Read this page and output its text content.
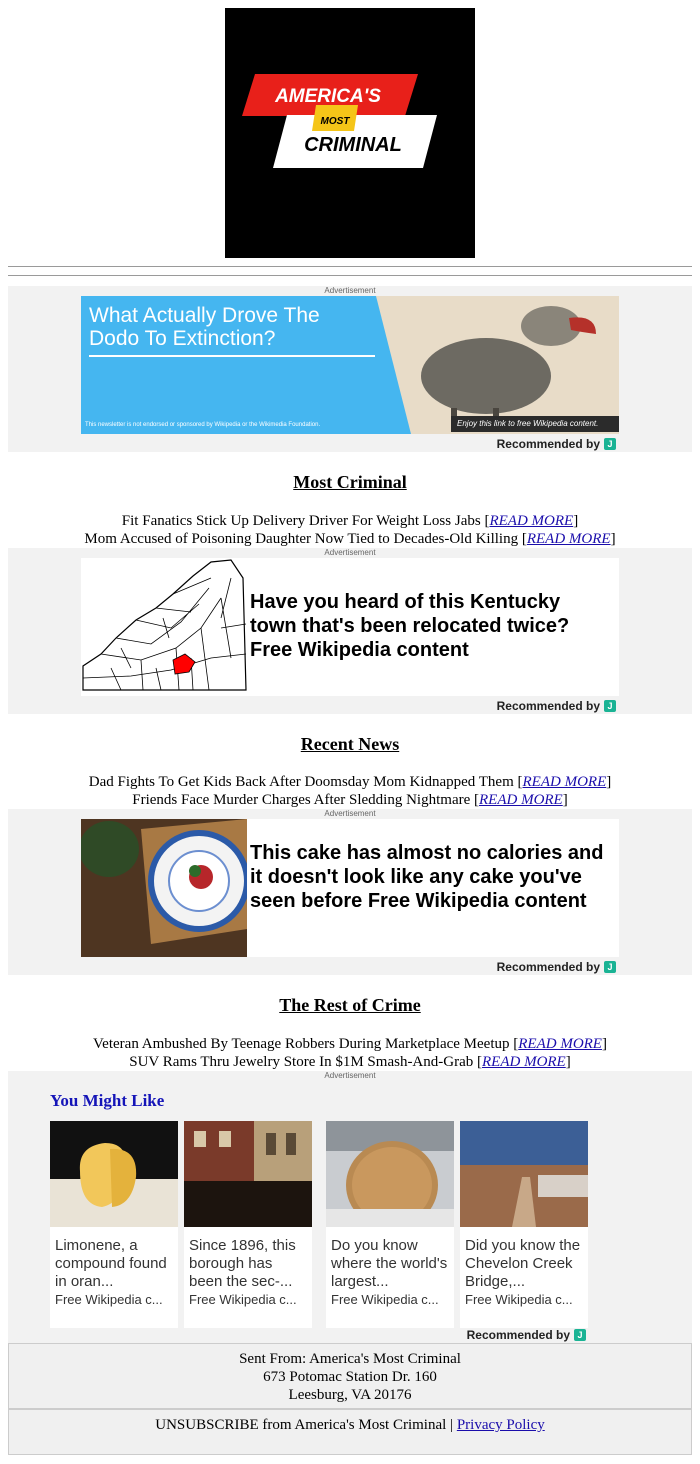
AMERICA'S
MOST
CRIMINAL
Advertisement
What Actually Drove The Dodo To Extinction?
This newsletter is not endorsed or sponsored by Wikipedia or the Wikimedia Foundation.	Enjoy this link to free Wikipedia content.
Recommended by J
Most Criminal
Fit Fanatics Stick Up Delivery Driver For Weight Loss Jabs [READ MORE]
Mom Accused of Poisoning Daughter Now Tied to Decades-Old Killing [READ MORE]
Advertisement
Have you heard of this Kentucky town that's been relocated twice? Free Wikipedia content
Recommended by J
Recent News
Dad Fights To Get Kids Back After Doomsday Mom Kidnapped Them [READ MORE]
Friends Face Murder Charges After Sledding Nightmare [READ MORE]
Advertisement
This cake has almost no calories and it doesn't look like any cake you've seen before Free Wikipedia content
Recommended by J
The Rest of Crime
Veteran Ambushed By Teenage Robbers During Marketplace Meetup [READ MORE]
SUV Rams Thru Jewelry Store In $1M Smash-And-Grab [READ MORE]
Advertisement
You Might Like
Limonene, a compound found in oran...
Free Wikipedia c...
Since 1896, this borough has been the sec-...
Free Wikipedia c...
Do you know where the world's largest...
Free Wikipedia c...
Did you know the Chevelon Creek Bridge,...
Free Wikipedia c...
Recommended by J
Sent From: America's Most Criminal
673 Potomac Station Dr. 160
Leesburg, VA 20176
UNSUBSCRIBE from America's Most Criminal | Privacy Policy
